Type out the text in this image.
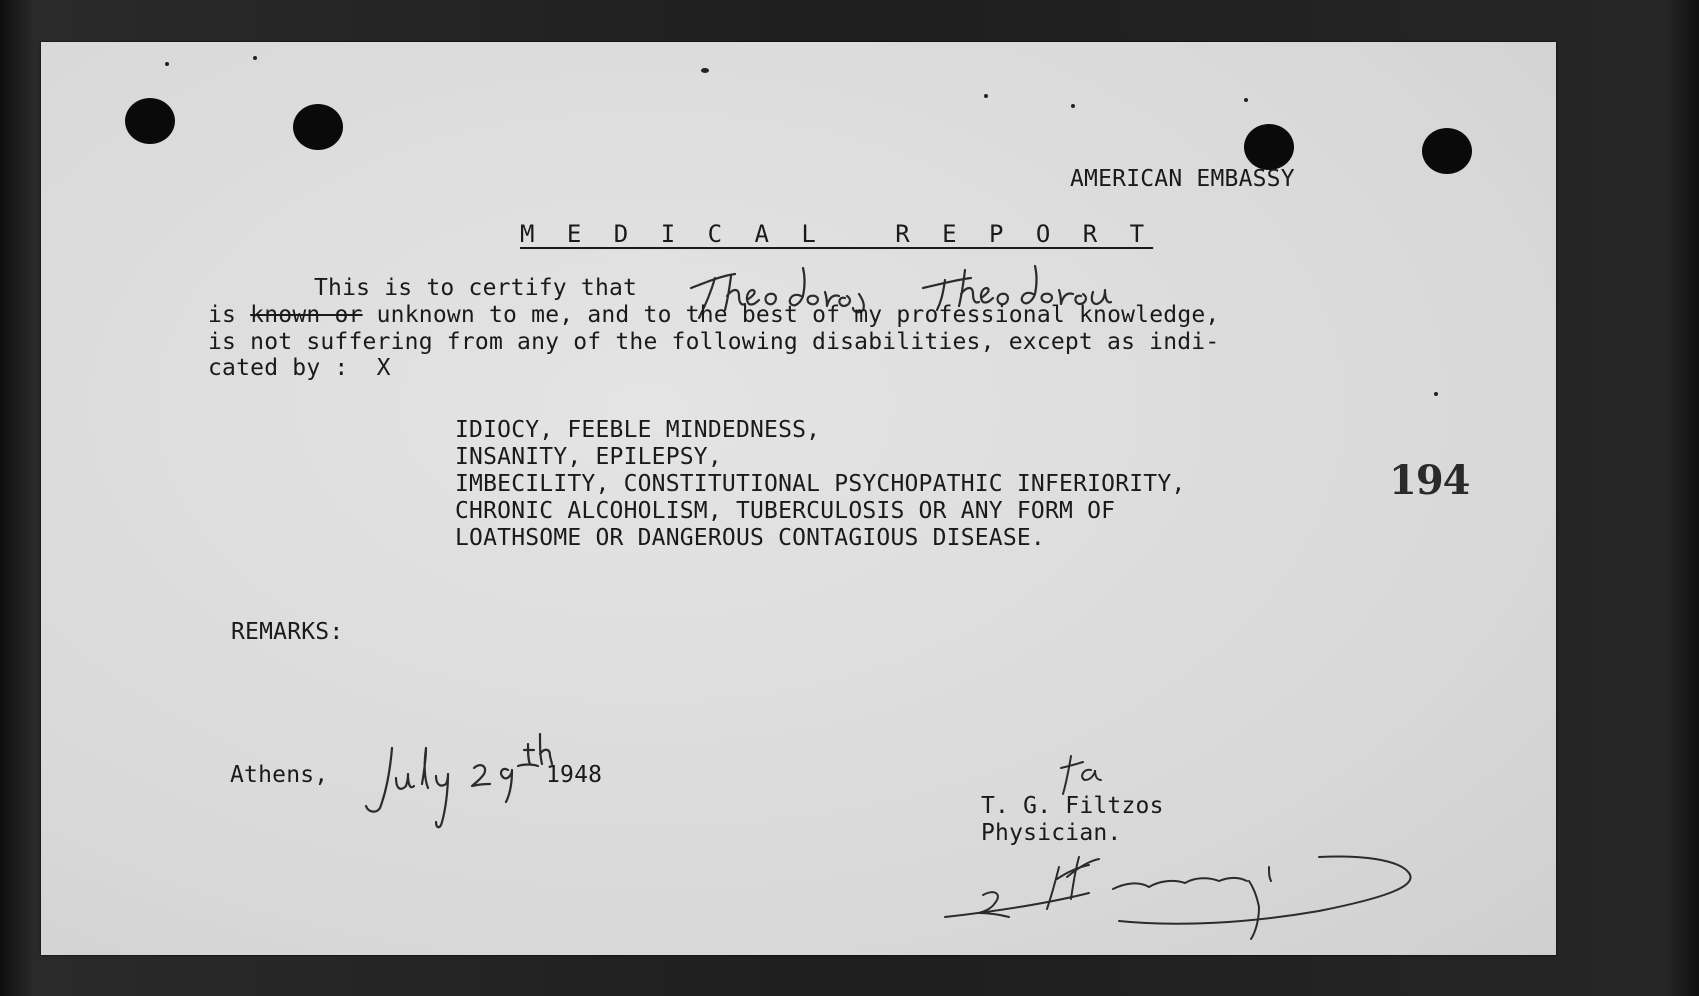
AMERICAN EMBASSY
M E D I C A L   R E P O R T
This is to certify that
is known or unknown to me, and to the best of my professional knowledge,
is not suffering from any of the following disabilities, except as indi-
cated by :  X
IDIOCY, FEEBLE MINDEDNESS,
INSANITY, EPILEPSY,
IMBECILITY, CONSTITUTIONAL PSYCHOPATHIC INFERIORITY,
CHRONIC ALCOHOLISM, TUBERCULOSIS OR ANY FORM OF
LOATHSOME OR DANGEROUS CONTAGIOUS DISEASE.
194
REMARKS:
Athens,	1948
T. G. Filtzos
Physician.
